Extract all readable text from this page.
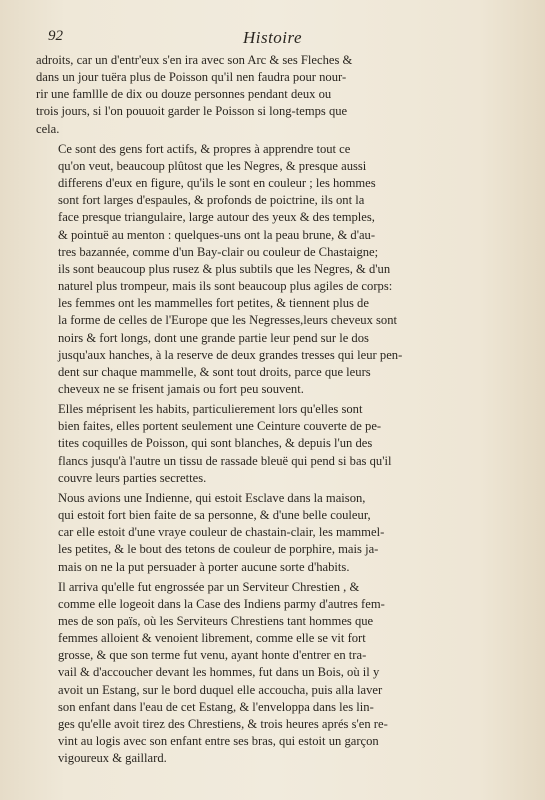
92	Histoire

adroits, car un d'entr'eux s'en ira avec son Arc & ses Fleches &
dans un jour tuëra plus de Poisson qu'il nen faudra pour nour-
rir une famllle de dix ou douze personnes pendant deux ou
trois jours, si l'on pouuoit garder le Poisson si long-temps que
cela.

Ce sont des gens fort actifs, & propres à apprendre tout ce
qu'on veut, beaucoup plûtost que les Negres, & presque aussi
differens d'eux en figure, qu'ils le sont en couleur ; les hommes
sont fort larges d'espaules, & profonds de poictrine, ils ont la
face presque triangulaire, large autour des yeux & des temples,
& pointuë au menton : quelques-uns ont la peau brune, & d'au-
tres bazannée, comme d'un Bay-clair ou couleur de Chastaigne;
ils sont beaucoup plus rusez & plus subtils que les Negres, & d'un
naturel plus trompeur, mais ils sont beaucoup plus agiles de corps:
les femmes ont les mammelles fort petites, & tiennent plus de
la forme de celles de l'Europe que les Negresses,leurs cheveux sont
noirs & fort longs, dont une grande partie leur pend sur le dos
jusqu'aux hanches, à la reserve de deux grandes tresses qui leur pen-
dent sur chaque mammelle, & sont tout droits, parce que leurs
cheveux ne se frisent jamais ou fort peu souvent.

Elles méprisent les habits, particulierement lors qu'elles sont
bien faites, elles portent seulement une Ceinture couverte de pe-
tites coquilles de Poisson, qui sont blanches, & depuis l'un des
flancs jusqu'à l'autre un tissu de rassade bleuë qui pend si bas qu'il
couvre leurs parties secrettes.

Nous avions une Indienne, qui estoit Esclave dans la maison,
qui estoit fort bien faite de sa personne, & d'une belle couleur,
car elle estoit d'une vraye couleur de chastain-clair, les mammel-
les petites, & le bout des tetons de couleur de porphire, mais ja-
mais on ne la put persuader à porter aucune sorte d'habits.

Il arriva qu'elle fut engrossée par un Serviteur Chrestien , &
comme elle logeoit dans la Case des Indiens parmy d'autres fem-
mes de son païs, où les Serviteurs Chrestiens tant hommes que
femmes alloient & venoient librement, comme elle se vit fort
grosse, & que son terme fut venu, ayant honte d'entrer en tra-
vail & d'accoucher devant les hommes, fut dans un Bois, où il y
avoit un Estang, sur le bord duquel elle accoucha, puis alla laver
son enfant dans l'eau de cet Estang, & l'enveloppa dans les lin-
ges qu'elle avoit tirez des Chrestiens, & trois heures aprés s'en re-
vint au logis avec son enfant entre ses bras, qui estoit un garçon
vigoureux & gaillard.
